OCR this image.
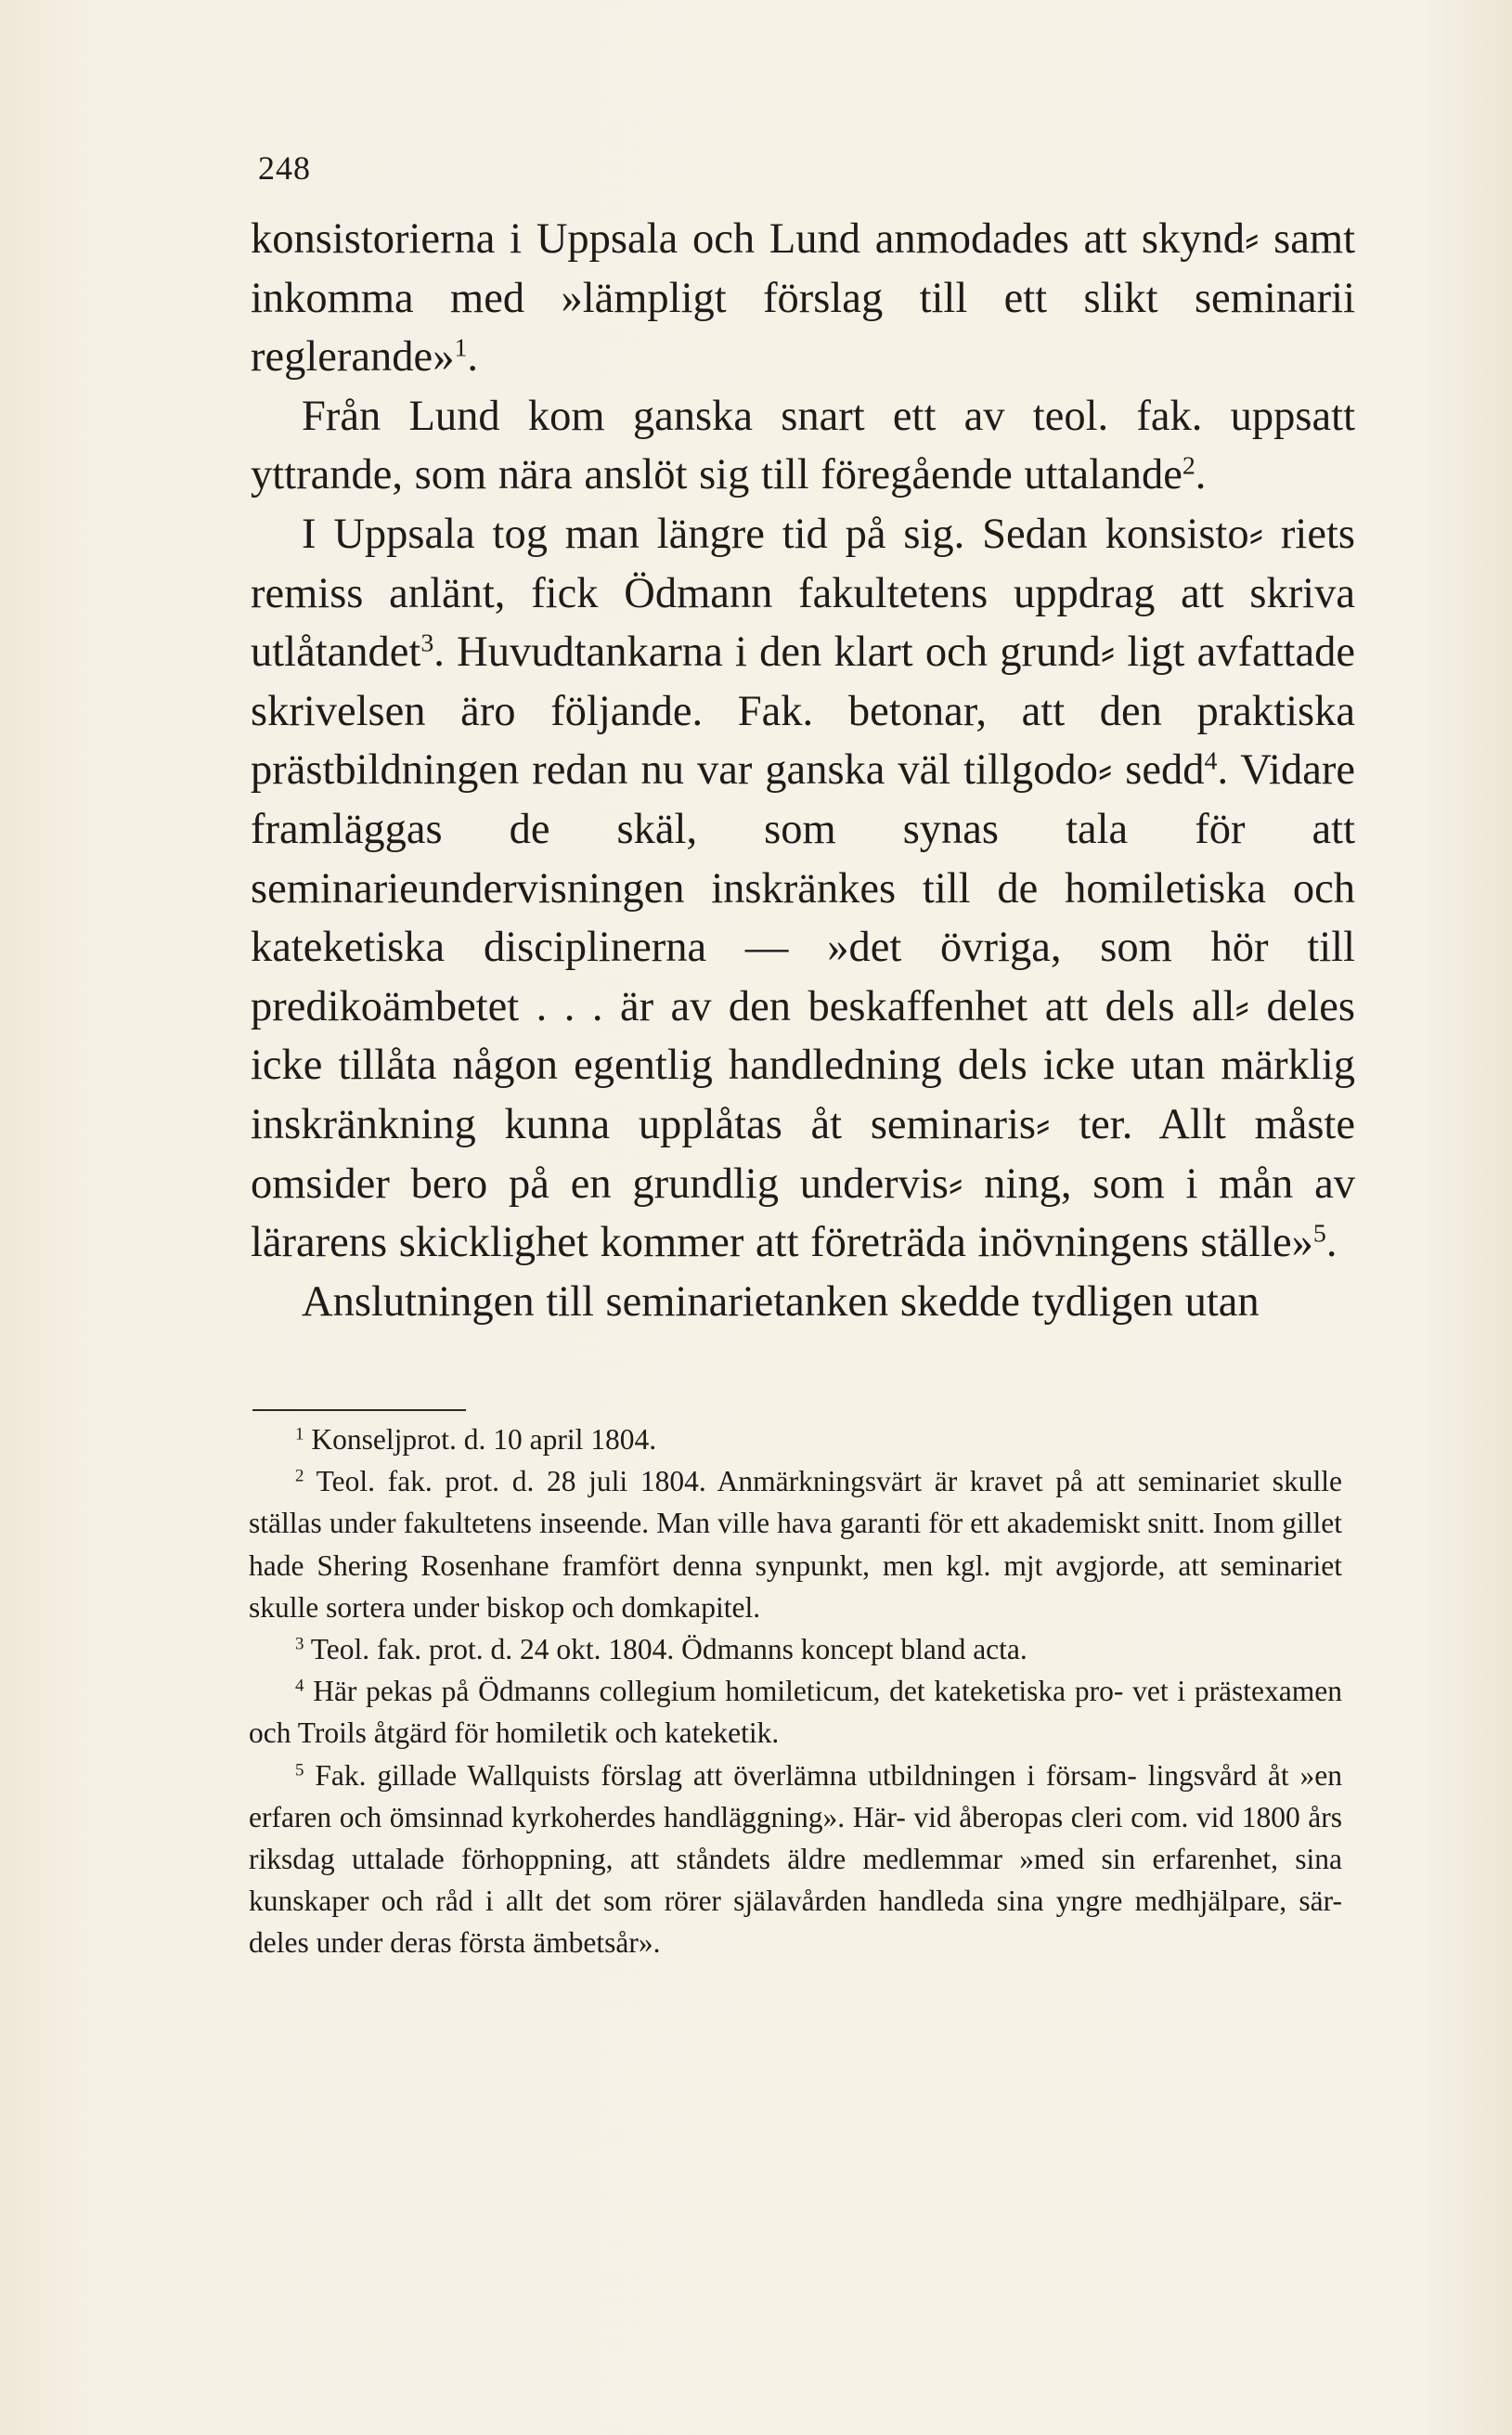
248

konsistorierna i Uppsala och Lund anmodades att skynd⸗ samt inkomma med »lämpligt förslag till ett slikt seminarii reglerande»$^1$.

Från Lund kom ganska snart ett av teol. fak. uppsatt yttrande, som nära anslöt sig till föregående uttalande$^2$.

I Uppsala tog man längre tid på sig. Sedan konsisto⸗ riets remiss anlänt, fick Ödmann fakultetens uppdrag att skriva utlåtandet$^3$. Huvudtankarna i den klart och grund⸗ ligt avfattade skrivelsen äro följande. Fak. betonar, att den praktiska prästbildningen redan nu var ganska väl tillgodo⸗ sedd$^4$. Vidare framläggas de skäl, som synas tala för att seminarieundervisningen inskränkes till de homiletiska och kateketiska disciplinerna — »det övriga, som hör till predikoämbetet . . . är av den beskaffenhet att dels all⸗ deles icke tillåta någon egentlig handledning dels icke utan märklig inskränkning kunna upplåtas åt seminaris⸗ ter. Allt måste omsider bero på en grundlig undervis⸗ ning, som i mån av lärarens skicklighet kommer att företräda inövningens ställe»$^5$.

Anslutningen till seminarietanken skedde tydligen utan

$^1$ Konseljprot. d. 10 april 1804.

$^2$ Teol. fak. prot. d. 28 juli 1804. Anmärkningsvärt är kravet på att seminariet skulle ställas under fakultetens inseende. Man ville hava garanti för ett akademiskt snitt. Inom gillet hade Shering Rosenhane framfört denna synpunkt, men kgl. mjt avgjorde, att seminariet skulle sortera under biskop och domkapitel.

$^3$ Teol. fak. prot. d. 24 okt. 1804. Ödmanns koncept bland acta.

$^4$ Här pekas på Ödmanns collegium homileticum, det kateketiska pro- vet i prästexamen och Troils åtgärd för homiletik och kateketik.

$^5$ Fak. gillade Wallquists förslag att överlämna utbildningen i försam- lingsvård åt »en erfaren och ömsinnad kyrkoherdes handläggning». Här- vid åberopas cleri com. vid 1800 års riksdag uttalade förhoppning, att ståndets äldre medlemmar »med sin erfarenhet, sina kunskaper och råd i allt det som rörer själavården handleda sina yngre medhjälpare, sär- deles under deras första ämbetsår».
